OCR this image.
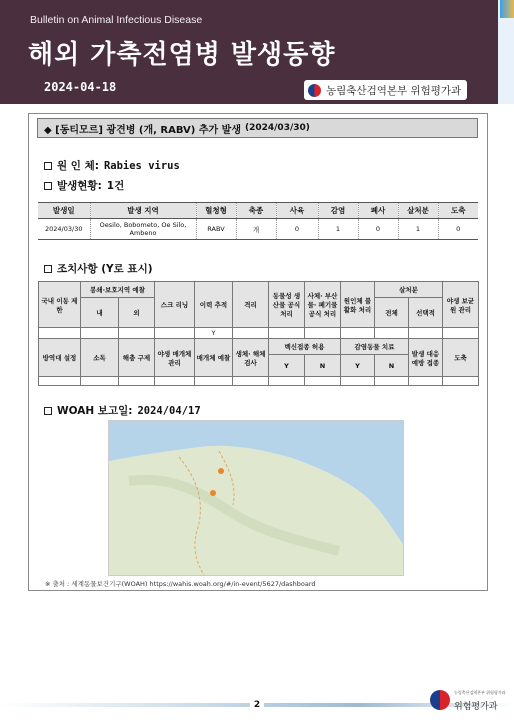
Bulletin on Animal Infectious Disease
해외 가축전염병 발생동향
2024-04-18	농림축산검역본부 위험평가과
◆ [동티모르] 광견병 (개, RABV) 추가 발생 (2024/03/30)
원 인 체: Rabies virus
발생현황: 1건
발생일	발생 지역	혈청형	축종	사육	감염	폐사	살처분	도축
2024/03/30	Oesilo, Bobometo, Oe Silo, Ambeno	RABV	개	0	1	0	1	0
조치사항 (Y로 표시)
국내 이동 제한	봉쇄·보호지역 예찰		스크 리닝	이력 추적	격리	동물성 생산물 공식 처리	사체· 부산물· 폐기물 공식 처리	원인체 불활화 처리	살처분		야생 보균원 관리
	내	외							전체	선택적	
				Y							
방역대 설정	소독	해충 구제	야생 매개체 관리	매개체 예찰	생체· 해체 검사	백신접종 허용		감염동물 치료		발생 대응 예방 접종	도축
						Y	N	Y	N		

WOAH 보고일: 2024/04/17
※ 출처 : 세계동물보건기구(WOAH) https://wahis.woah.org/#/in-event/5627/dashboard
2
농림축산검역본부 위험평가과
위험평가과
